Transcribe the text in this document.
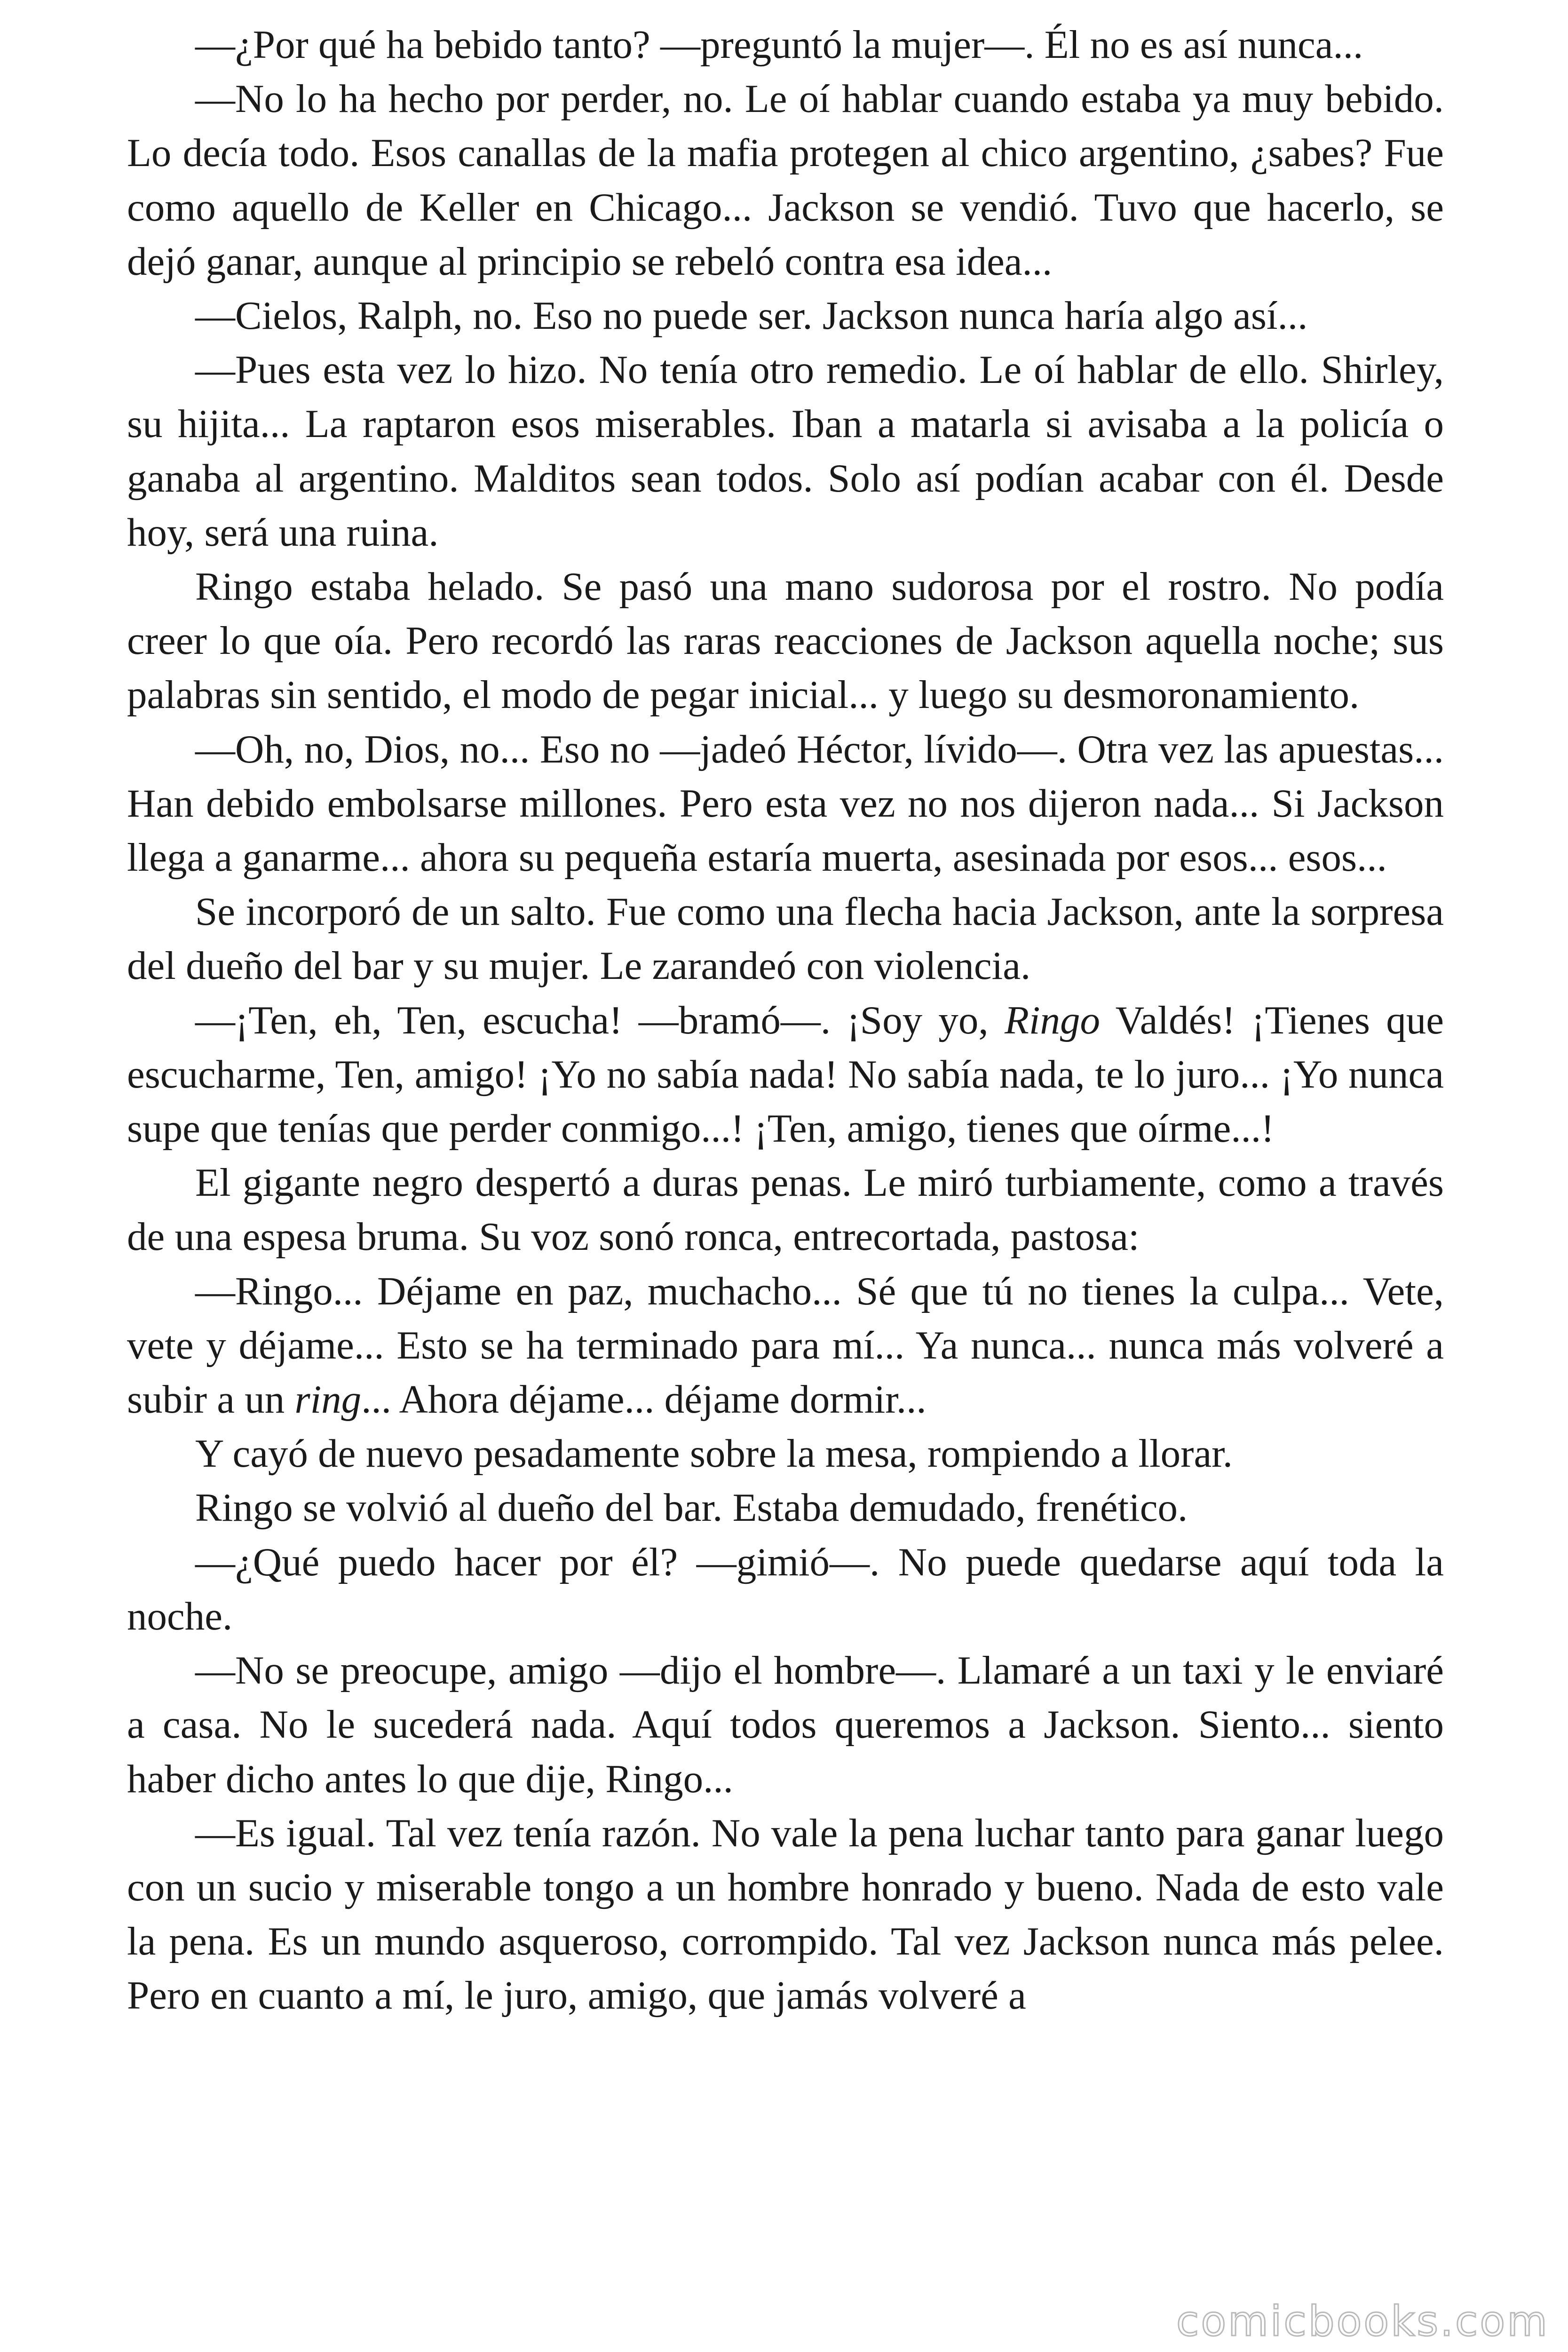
—¿Por qué ha bebido tanto? —preguntó la mujer—. Él no es así nunca...

—No lo ha hecho por perder, no. Le oí hablar cuando estaba ya muy bebido. Lo decía todo. Esos canallas de la mafia protegen al chico argentino, ¿sabes? Fue como aquello de Keller en Chicago... Jackson se vendió. Tuvo que hacerlo, se dejó ganar, aunque al principio se rebeló contra esa idea...

—Cielos, Ralph, no. Eso no puede ser. Jackson nunca haría algo así...

—Pues esta vez lo hizo. No tenía otro remedio. Le oí hablar de ello. Shirley, su hijita... La raptaron esos miserables. Iban a matarla si avisaba a la policía o ganaba al argentino. Malditos sean todos. Solo así podían acabar con él. Desde hoy, será una ruina.

Ringo estaba helado. Se pasó una mano sudorosa por el rostro. No podía creer lo que oía. Pero recordó las raras reacciones de Jackson aquella noche; sus palabras sin sentido, el modo de pegar inicial... y luego su desmoronamiento.

—Oh, no, Dios, no... Eso no —jadeó Héctor, lívido—. Otra vez las apuestas... Han debido embolsarse millones. Pero esta vez no nos dijeron nada... Si Jackson llega a ganarme... ahora su pequeña estaría muerta, asesinada por esos... esos...

Se incorporó de un salto. Fue como una flecha hacia Jackson, ante la sorpresa del dueño del bar y su mujer. Le zarandeó con violencia.

—¡Ten, eh, Ten, escucha! —bramó—. ¡Soy yo, Ringo Valdés! ¡Tienes que escucharme, Ten, amigo! ¡Yo no sabía nada! No sabía nada, te lo juro... ¡Yo nunca supe que tenías que perder conmigo...! ¡Ten, amigo, tienes que oírme...!

El gigante negro despertó a duras penas. Le miró turbiamente, como a través de una espesa bruma. Su voz sonó ronca, entrecortada, pastosa:

—Ringo... Déjame en paz, muchacho... Sé que tú no tienes la culpa... Vete, vete y déjame... Esto se ha terminado para mí... Ya nunca... nunca más volveré a subir a un ring... Ahora déjame... déjame dormir...

Y cayó de nuevo pesadamente sobre la mesa, rompiendo a llorar.

Ringo se volvió al dueño del bar. Estaba demudado, frenético.

—¿Qué puedo hacer por él? —gimió—. No puede quedarse aquí toda la noche.

—No se preocupe, amigo —dijo el hombre—. Llamaré a un taxi y le enviaré a casa. No le sucederá nada. Aquí todos queremos a Jackson. Siento... siento haber dicho antes lo que dije, Ringo...

—Es igual. Tal vez tenía razón. No vale la pena luchar tanto para ganar luego con un sucio y miserable tongo a un hombre honrado y bueno. Nada de esto vale la pena. Es un mundo asqueroso, corrompido. Tal vez Jackson nunca más pelee. Pero en cuanto a mí, le juro, amigo, que jamás volveré a

comicbooks.com
